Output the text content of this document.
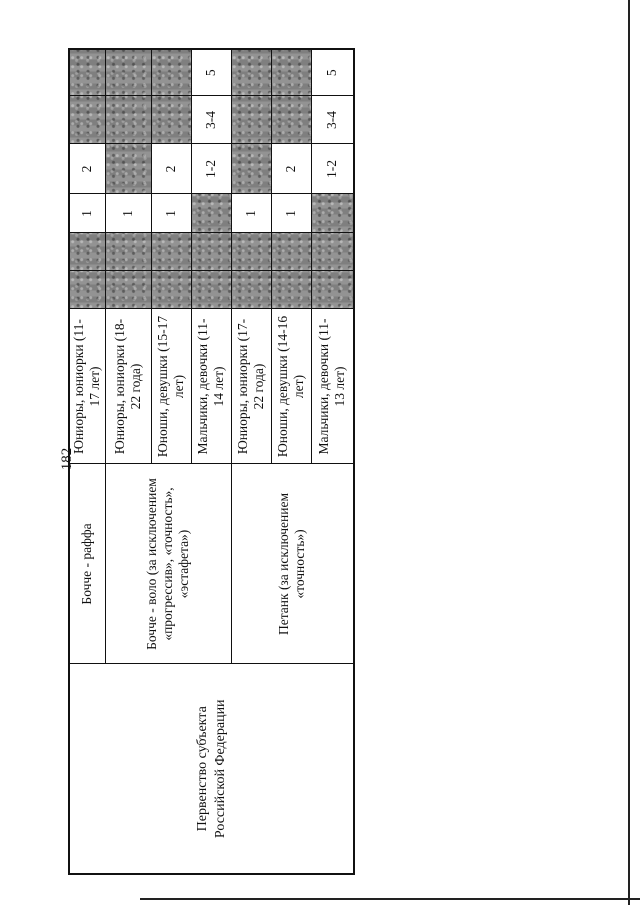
182
Первенство субъекта Российской Федерации	Бочче - раффа	Юниоры, юниорки (11-17 лет)			1	2		
	Бочче - воло (за исключением «прогрессив», «точность», «эстафета»)	Юниоры, юниорки (18-22 года)			1			
		Юноши, девушки (15-17 лет)			1	2		
		Мальчики, девочки (11-14 лет)				1-2	3-4	5
	Петанк (за исключением «точность»)	Юниоры, юниорки (17-22 года)			1			
		Юноши, девушки (14-16 лет)			1	2		
		Мальчики, девочки (11-13 лет)				1-2	3-4	5
